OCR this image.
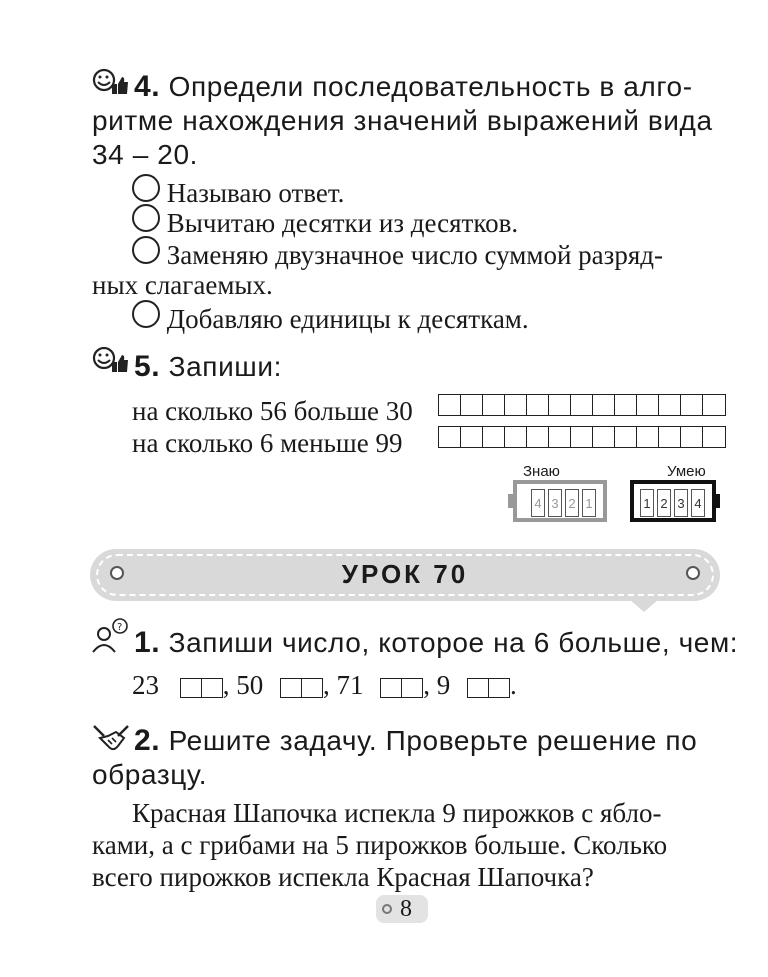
4. Определи последовательность в алго-
ритме нахождения значений выражений вида
34 – 20.
Называю ответ.
Вычитаю десятки из десятков.
Заменяю двузначное число суммой разряд-
ных слагаемых.
Добавляю единицы к десяткам.
5. Запиши:
на сколько 56 больше 30
на сколько 6 меньше 99
Знаю	Умею
4 3 2 1	1 2 3 4
УРОК 70
? 1. Запиши число, которое на 6 больше, чем:
23 , 50 , 71 , 9 .
2. Решите задачу. Проверьте решение по
образцу.
Красная Шапочка испекла 9 пирожков с ябло-
ками, а с грибами на 5 пирожков больше. Сколько
всего пирожков испекла Красная Шапочка?
8
